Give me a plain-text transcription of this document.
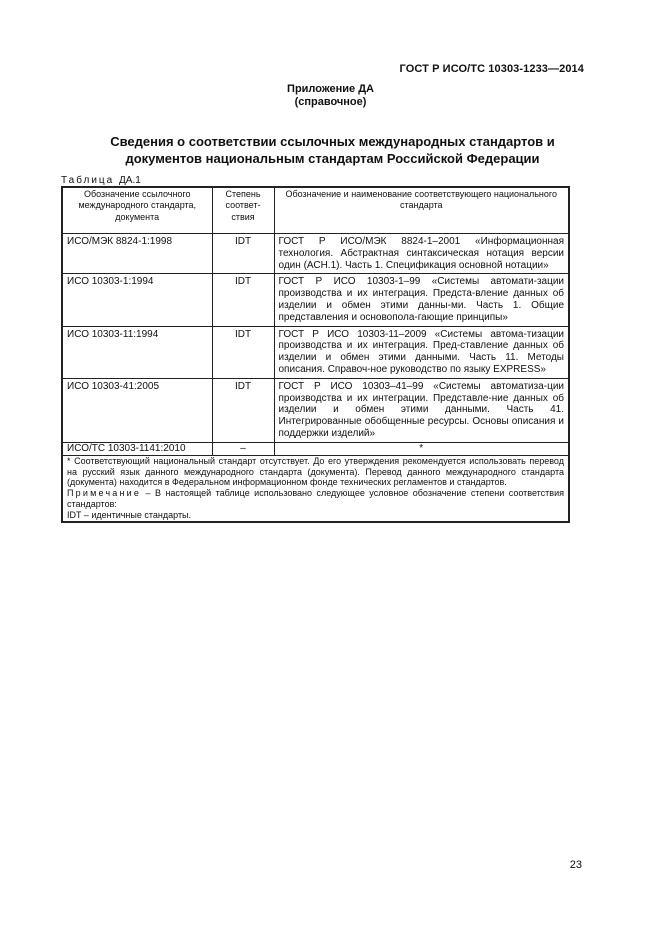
ГОСТ Р ИСО/ТС 10303-1233—2014
Приложение ДА
(справочное)
Сведения о соответствии ссылочных международных стандартов и
документов национальным стандартам Российской Федерации
Таблица ДА.1
Обозначение ссылочного международного стандарта, документа	Степень соответ-ствия	Обозначение и наименование соответствующего национального стандарта
ИСО/МЭК 8824-1:1998	IDT	ГОСТ Р ИСО/МЭК 8824-1–2001 «Информационная технология. Абстрактная синтаксическая нотация версии один (АСН.1). Часть 1. Спецификация основной нотации»
ИСО 10303-1:1994	IDT	ГОСТ Р ИСО 10303-1–99 «Системы автомати-зации производства и их интеграция. Предста-вление данных об изделии и обмен этими данны-ми. Часть 1. Общие представления и основопола-гающие принципы»
ИСО 10303-11:1994	IDT	ГОСТ Р ИСО 10303-11–2009 «Системы автома-тизации производства и их интеграция. Пред-ставление данных об изделии и обмен этими данными. Часть 11. Методы описания. Справоч-ное руководство по языку EXPRESS»
ИСО 10303-41:2005	IDT	ГОСТ Р ИСО 10303–41–99 «Системы автоматиза-ции производства и их интеграции. Представле-ние данных об изделии и обмен этими данными. Часть 41. Интегрированные обобщенные ресурсы. Основы описания и поддержки изделий»
ИСО/ТС 10303-1141:2010	–	*

* Соответствующий национальный стандарт отсутствует. До его утверждения рекомендуется использовать перевод на русский язык данного международного стандарта (документа). Перевод данного международного стандарта (документа) находится в Федеральном информационном фонде технических регламентов и стандартов.
Примечание – В настоящей таблице использовано следующее условное обозначение степени соответствия стандартов:
IDT – идентичные стандарты.		
23
